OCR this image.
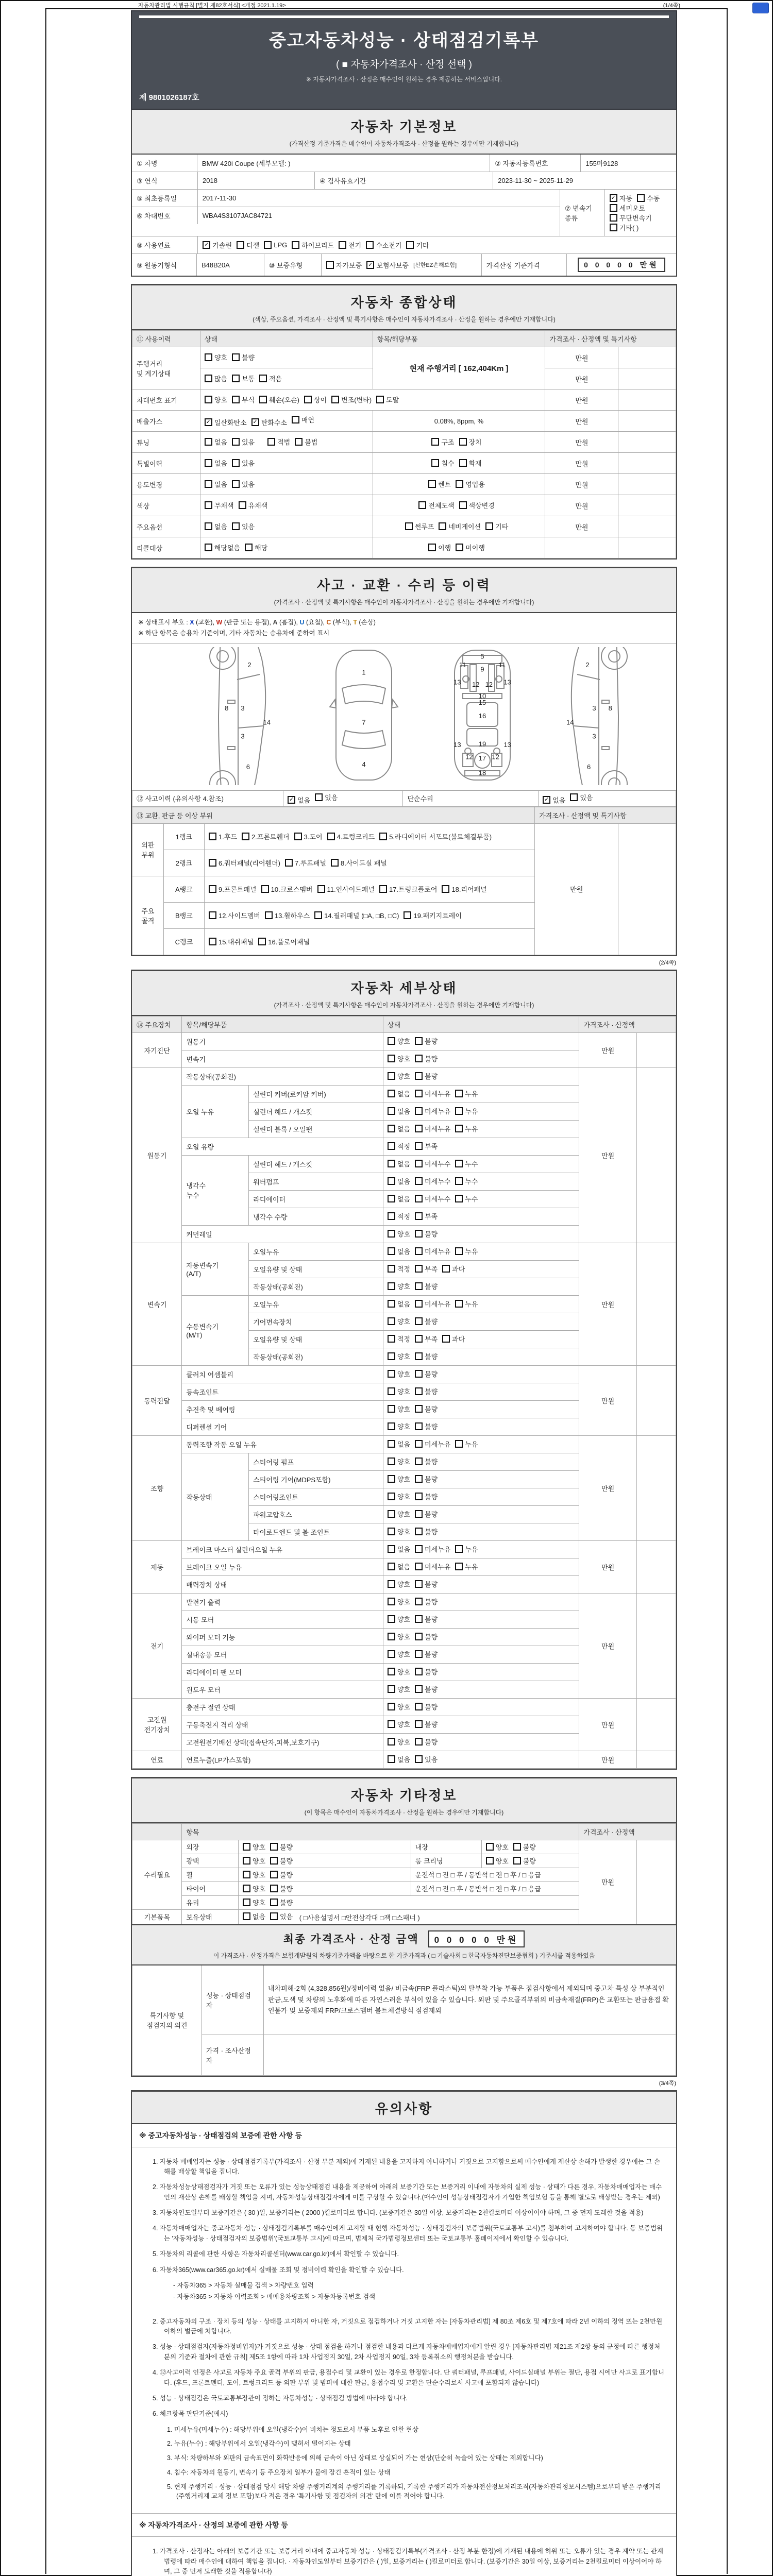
자동차관리법 시행규칙 [별지 제82호서식] <개정 2021.1.19>	(1/4쪽)
중고자동차성능 · 상태점검기록부
( ■ 자동차가격조사 · 산정 선택 )
※ 자동차가격조사 · 산정은 매수인이 원하는 경우 제공하는 서비스입니다.
제 9801026187호
자동차 기본정보
(가격산정 기준가격은 매수인이 자동차가격조사 · 산정을 원하는 경우에만 기재합니다)
① 차명	BMW 420i Coupe (세부모델: )	② 자동차등록번호	155마9128
③ 연식	2018	④ 검사유효기간	2023-11-30 ~ 2025-11-29
⑤ 최초등록일	2017-11-30
⑥ 차대번호	WBA4S3107JAC84721
⑦ 변속기 종류
✓ 자동 수동
세미오토
무단변속기
기타( )
⑧ 사용연료	✓ 가솔린 디젤 LPG 하이브리드 전기 수소전기 기타
⑨ 원동기형식	B48B20A	⑩ 보증유형	자가보증 ✓ 보험사보증 [신한EZ손해보험]	가격산정 기준가격	0 0 0 0 0 만원
자동차 종합상태
(색상, 주요옵션, 가격조사 · 산정액 및 특기사항은 매수인이 자동차가격조사 · 산정을 원하는 경우에만 기재합니다)
⑪ 사용이력	상태	항목/해당부품	가격조사 · 산정액 및 특기사항	
주행거리
및 계기상태	양호 불량	현재 주행거리 [ 162,404Km ]	만원	

	많음 보통 적음		만원	
차대번호 표기	양호 부식 훼손(오손) 상이 변조(변타) 도말	만원	
배출가스	✓ 일산화탄소 ✓ 탄화수소 매연	0.08%, 8ppm, %	만원	
튜닝	없음 있음 적법 불법	구조 장치	만원	
특별이력	없음 있음	침수 화재	만원	
용도변경	없음 있음	렌트 영업용	만원	
색상	무채색 유채색	전체도색 색상변경	만원	
주요옵션	없음 있음	썬루프 네비게이션 기타	만원	
리콜대상	해당없음 해당	이행 미이행		

사고 · 교환 · 수리 등 이력
(가격조사 · 산정액 및 특기사항은 매수인이 자동차가격조사 · 산정을 원하는 경우에만 기재합니다)
※ 상태표시 부호 : X (교환), W (판금 또는 용접), A (흠집), U (요철), C (부식), T (손상)
※ 하단 항목은 승용차 기준이며, 기타 자동차는 승용차에 준하여 표시
2
8 3
14
3
6
1
7
4
5
11	11
9
13	13
12 12
10
15
16
19
13	13
12	12
17
18
2
8
3
14
3
6
⑫ 사고이력 (유의사항 4.참조)	✓ 없음 있음	단순수리	✓ 없음 있음
⑬ 교환, 판금 등 이상 부위			가격조사 · 산정액 및 특기사항	
외판
부위	1랭크	1.후드 2.프론트휀더 3.도어 4.트렁크리드 5.라디에이터 서포트(볼트체결부품)	만원	
	2랭크	6.쿼터패널(리어휀더) 7.루프패널 8.사이드실 패널		

주요
골격	A랭크	9.프론트패널 10.크로스멤버 11.인사이드패널 17.트렁크플로어 18.리어패널		

	B랭크	12.사이드멤버 13.휠하우스 14.필러패널 (□A, □B, □C) 19.패키지트레이		

	C랭크	15.대쉬패널 16.플로어패널		
(2/4쪽)
자동차 세부상태
(가격조사 · 산정액 및 특기사항은 매수인이 자동차가격조사 · 산정을 원하는 경우에만 기재합니다)
⑭ 주요장치	항목/해당부품		상태	가격조사 · 산정액	
자기진단	원동기		양호 불량	만원	
	변속기		양호 불량		

원동기	작동상태(공회전)		양호 불량	만원	
	오일 누유	실린더 커버(로커암 커버)	없음 미세누유 누유		

		실린더 헤드 / 개스킷	없음 미세누유 누유		

		실린더 블록 / 오일팬	없음 미세누유 누유		

	오일 유량		적정 부족		

	냉각수
누수	실린더 헤드 / 개스킷	없음 미세누수 누수		

		워터펌프	없음 미세누수 누수		

		라디에이터	없음 미세누수 누수		

		냉각수 수량	적정 부족		

	커먼레일		양호 불량		

변속기	자동변속기
(A/T)	오일누유	없음 미세누유 누유	만원	
		오일유량 및 상태	적정 부족 과다		

		작동상태(공회전)	양호 불량		

	수동변속기
(M/T)	오일누유	없음 미세누유 누유		

		기어변속장치	양호 불량		

		오일유량 및 상태	적정 부족 과다		

		작동상태(공회전)	양호 불량		

동력전달	클러치 어셈블리		양호 불량	만원	
	등속조인트		양호 불량		

	추진축 및 베어링		양호 불량		

	디퍼렌셜 기어		양호 불량		

조향	동력조향 작동 오일 누유		없음 미세누유 누유	만원	
	작동상태	스티어링 펌프	양호 불량		

		스티어링 기어(MDPS포함)	양호 불량		

		스티어링조인트	양호 불량		

		파워고압호스	양호 불량		

		타이로드엔드 및 볼 조인트	양호 불량		

제동	브레이크 마스터 실린더오일 누유		없음 미세누유 누유	만원	
	브레이크 오일 누유		없음 미세누유 누유		

	배력장치 상태		양호 불량		

전기	발전기 출력		양호 불량	만원	
	시동 모터		양호 불량		

	와이퍼 모터 기능		양호 불량		

	실내송풍 모터		양호 불량		

	라디에이터 팬 모터		양호 불량		

	윈도우 모터		양호 불량		

고전원
전기장치	충전구 절연 상태		양호 불량	만원	
	구동축전지 격리 상태		양호 불량		

	고전원전기배선 상태(접속단자,피복,보호기구)		양호 불량		

연료	연료누출(LP가스포함)		없음 있음	만원	
자동차 기타정보
(이 항목은 매수인이 자동차가격조사 · 산정을 원하는 경우에만 기재합니다)
	항목				가격조사 · 산정액	
수리필요	외장	양호 불량	내장	양호 불량	만원	
	광택	양호 불량	룸 크리닝	양호 불량		

	휠	양호 불량	운전석 □ 전 □ 후 / 동반석 □ 전 □ 후 / □ 응급			
	타이어	양호 불량	운전석 □ 전 □ 후 / 동반석 □ 전 □ 후 / □ 응급			
	유리	양호 불량				

기본품목	보유상태	없음 있음 ( □사용설명서 □안전삼각대 □잭 □스패너 )				
최종 가격조사 · 산정 금액 0 0 0 0 0 만원
이 가격조사 · 산정가격은 보험개발원의 차량기준가액을 바탕으로 한 기준가격과 ( □ 기술사회 □ 한국자동차진단보증협회 ) 기준서를 적용하였음
특기사항 및
점검자의 의견	성능 · 상태점검
자	내차피해-2회 (4,328,856원)/정비이력 없음/ 비금속(FRP 플라스틱)의 탈부착 가능 부품은 점검사항에서 제외되며 중고차 특성 상 부분적인 판금,도색 및 차량의 노후화에 따른 자연스러운 부식이 있을 수 있습니다. 외판 및 주요골격부위의 비금속재질(FRP)은 교환또는 판금용접 확인불가 및 보증제외 FRP/크로스멤버 볼트체결방식 점검제외
	가격 · 조사산정
자	
(3/4쪽)
유의사항
※ 중고자동차성능 · 상태점검의 보증에 관한 사항 등
1. 자동차 매매업자는 성능 · 상태점검기록부(가격조사 · 산정 부분 제외)에 기재된 내용을 고지하지 아니하거나 거짓으로 고지함으로써 매수인에게 재산상 손해가 발생한 경우에는 그 손해를 배상할 책임을 집니다.
2. 자동차성능상태점검자가 거짓 또는 오류가 있는 성능상태점검 내용을 제공하여 아래의 보증기간 또는 보증거리 이내에 자동차의 실제 성능 · 상태가 다른 경우, 자동차매매업자는 매수인의 재산상 손해를 배상할 책임을 지며, 자동차성능상태점검자에게 이를 구상할 수 있습니다.(매수인이 성능상태점검자가 가입한 책임보험 등을 통해 별도로 배상받는 경우는 제외)
3. 자동차인도일부터 보증기간은 ( 30 )일, 보증거리는 ( 2000 )킬로미터로 합니다. (보증기간은 30일 이상, 보증거리는 2천킬로미터 이상이어야 하며, 그 중 먼저 도래한 것을 적용)
4. 자동차매매업자는 중고자동차 성능 · 상태점검기록부를 매수인에게 고지할 때 현행 자동차성능 · 상태점검자의 보증범위(국토교통부 고시)를 첨부하여 고지하여야 합니다. 동 보증범위는 '자동차성능 · 상태점검자의 보증범위'(국토교통부 고시)에 따르며, 법제처 국가법령정보센터 또는 국토교통부 홈페이지에서 확인할 수 있습니다.
5. 자동차의 리콜에 관한 사항은 자동차리콜센터(www.car.go.kr)에서 확인할 수 있습니다.
6. 자동차365(www.car365.go.kr)에서 실매물 조회 및 정비이력 확인을 확인할 수 있습니다.
- 자동차365 > 자동차 실매물 검색 > 차량번호 입력
- 자동차365 > 자동차 이력조회 > 매매용차량조회 > 자동차등록번호 검색
2. 중고자동차의 구조 · 장치 등의 성능 · 상태를 고지하지 아니한 자, 거짓으로 점검하거나 거짓 고지한 자는 [자동차관리법] 제 80조 제6호 및 제7호에 따라 2년 이하의 징역 또는 2천만원 이하의 벌금에 처합니다.
3. 성능 · 상태점검자(자동차정비업자)가 거짓으로 성능 · 상태 점검을 하거나 점검한 내용과 다르게 자동차매매업자에게 알린 경우 [자동차관리법 제21조 제2항 등의 규정에 따른 행정처분의 기준과 절차에 관한 규칙] 제5조 1항에 따라 1차 사업정지 30일, 2차 사업정지 90일, 3차 등록취소의 행정처분을 받습니다.
4. ⑫사고이력 인정은 사고로 자동차 주요 골격 부위의 판금, 용접수리 및 교환이 있는 경우로 한정합니다. 단 쿼터패널, 루프패널, 사이드실패널 부위는 절단, 용접 시에만 사고로 표기합니다. (후드, 프론트펜더, 도어, 트렁크리드 등 외판 부위 및 범퍼에 대한 판금, 용접수리 및 교환은 단순수리로서 사고에 포함되지 않습니다)
5. 성능 · 상태점검은 국토교통부장관이 정하는 자동차성능 · 상태점검 방법에 따라야 합니다.
6. 체크항목 판단기준(예시)
1. 미세누유(미세누수) : 해당부위에 오일(냉각수)이 비치는 정도로서 부품 노후로 인한 현상
2. 누유(누수) : 해당부위에서 오일(냉각수)이 맺혀서 떨어지는 상태
3. 부식: 차량하부와 외판의 금속표면이 화학반응에 의해 금속이 아닌 상태로 상실되어 가는 현상(단순히 녹슬어 있는 상태는 제외합니다)
4. 침수: 자동차의 원동기, 변속기 등 주요장치 일부가 물에 잠긴 흔적이 있는 상태
5. 현재 주행거리 · 성능 · 상태점검 당시 해당 차량 주행거리계의 주행거리를 기록하되, 기록한 주행거리가 자동차전산정보처리조직(자동차관리정보시스템)으로부터 받은 주행거리(주행거리계 교체 정보 포함)보다 적은 경우 '특기사항 및 점검자의 의견' 란에 이를 적어야 합니다.
※ 자동차가격조사 · 산정의 보증에 관한 사항 등
1. 가격조사 · 산정자는 아래의 보증기간 또는 보증거리 이내에 중고자동차 성능 · 상태점검기록부(가격조사 · 산정 부분 한정)에 기재된 내용에 허위 또는 오류가 있는 경우 계약 또는 관계법령에 따라 매수인에 대하여 책임을 집니다. · 자동차인도일부터 보증기간은 ( )일, 보증거리는 ( )킬로미터로 합니다. (보증기간은 30일 이상, 보증거리는 2천킬로미터 이상이어야 하며, 그 중 먼저 도래한 것을 적용합니다)
